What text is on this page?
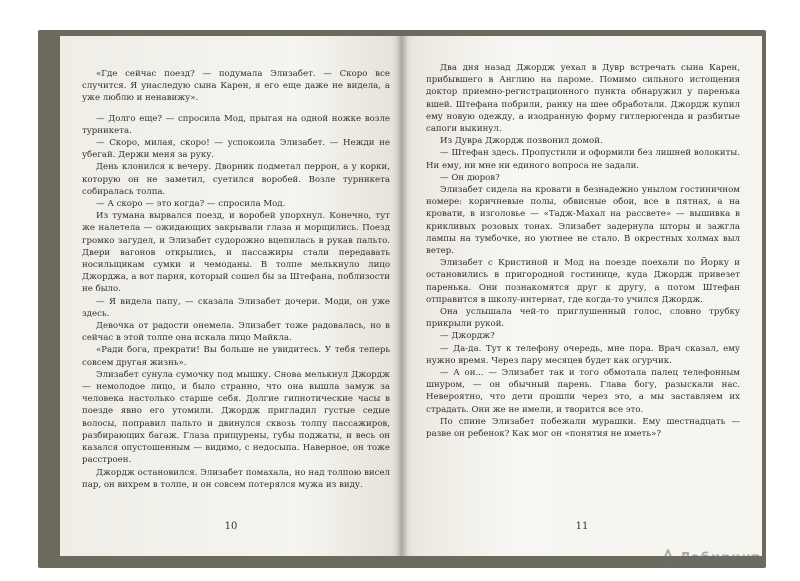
«Где сейчас поезд? — подумала Элизабет. — Скоро все случится. Я унаследую сына Карен, я его еще даже не видела, а уже люблю и ненавижу».

— Долго еще? — спросила Мод, прыгая на одной ножке возле турникета.

— Скоро, милая, скоро! — успокоила Элизабет. — Нежди не убегай. Держи меня за руку.

День клонился к вечеру. Дворник подметал перрон, а у корки, которую он не заметил, суетился воробей. Возле турникета собиралась толпа.

— А скоро — это когда? — спросила Мод.

Из тумана вырвался поезд, и воробей упорхнул. Конечно, тут же налетела — ожидающих закрывали глаза и морщились. Поезд громко загудел, и Элизабет судорожно вцепилась в рукав пальто. Двери вагонов открылись, и пассажиры стали передавать носильщикам сумки и чемоданы. В толпе мелькнуло лицо Джорджа, а вот парня, который сошел бы за Штефана, поблизости не было.

— Я видела папу, — сказала Элизабет дочери. Моди, он уже здесь.

Девочка от радости онемела. Элизабет тоже радовалась, но в сейчас в этой толпе она искала лицо Майкла.

«Ради бога, прекрати! Вы больше не увидитесь. У тебя теперь совсем другая жизнь».

Элизабет сунула сумочку под мышку. Снова мелькнул Джордж — немолодое лицо, и было странно, что она вышла замуж за человека настолько старше себя. Долгие гипнотические часы в поезде явно его утомили. Джордж пригладил густые седые волосы, поправил пальто и двинулся сквозь толпу пассажиров, разбирающих багаж. Глаза прищурены, губы поджаты, и весь он казался опустошенным — видимо, с недосыпа. Наверное, он тоже расстроен.

Джордж остановился. Элизабет помахала, но над толпою висел пар, он вихрем в толпе, и он совсем потерялся мужа из виду.

10

Два дня назад Джордж уехал в Дувр встречать сына Карен, прибывшего в Англию на пароме. Помимо сильного истощения доктор приемно-регистрационного пункта обнаружил у паренька вшей. Штефана побрили, ранку на шее обработали. Джордж купил ему новую одежду, а изодранную форму гитлерюгенда и разбитые сапоги выкинул.

Из Дувра Джордж позвонил домой.

— Штефан здесь. Пропустили и оформили без лишней волокиты. Ни ему, ни мне ни единого вопроса не задали.

— Он дюров?

Элизабет сидела на кровати в безнадежно унылом гостиничном номере: коричневые полы, обвисные обои, все в пятнах, а на кровати, в изголовье — «Тадж-Махал на рассвете» — вышивка в крикливых розовых тонах. Элизабет задернула шторы и зажгла лампы на тумбочке, но уютнее не стало. В окрестных холмах выл ветер.

Элизабет с Кристиной и Мод на поезде поехали по Йорку и остановились в пригородной гостинице, куда Джордж привезет паренька. Они познакомятся друг к другу, а потом Штефан отправится в школу-интернат, где когда-то учился Джордж.

Она услышала чей-то приглушенный голос, словно трубку прикрыли рукой.

— Джордж?

— Да-да. Тут к телефону очередь, мне пора. Врач сказал, ему нужно время. Через пару месяцев будет как огурчик.

— А он... — Элизабет так и того обмотала палец телефонным шнуром, — он обычный парень. Глава богу, разыскали нас. Невероятно, что дети прошли через это, а мы заставляем их страдать. Они же не имели, и творится все это.

По спине Элизабет побежали мурашки. Ему шестнадцать — разве он ребенок? Как мог он «понятия не иметь»?

11
Лабиринт
